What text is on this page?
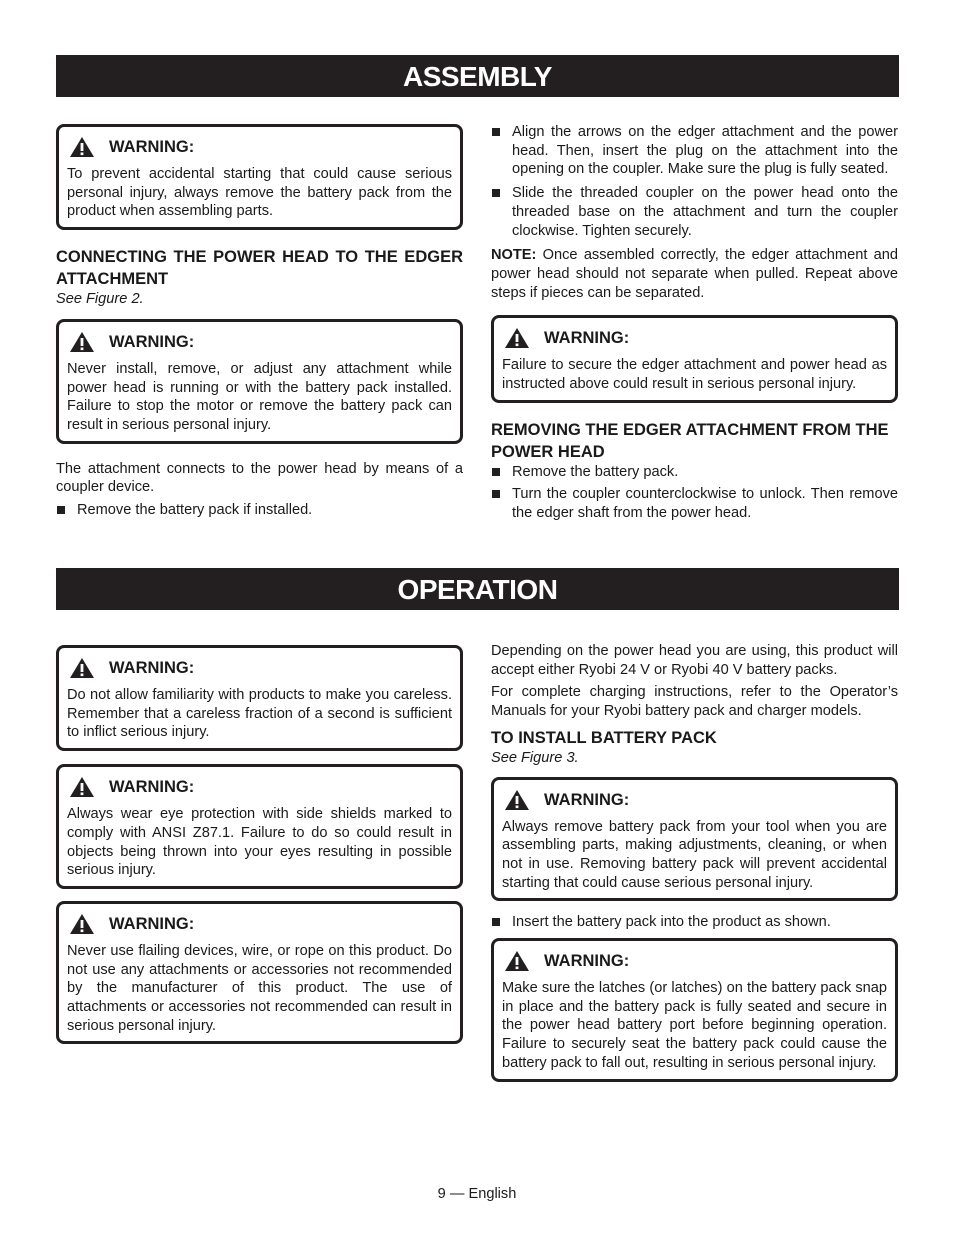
ASSEMBLY
WARNING:

To prevent accidental starting that could cause serious personal injury, always remove the battery pack from the product when assembling parts.

CONNECTING THE POWER HEAD TO THE EDGER ATTACHMENT
See Figure 2.
WARNING:

Never install, remove, or adjust any attachment while power head is running or with the battery pack installed. Failure to stop the motor or remove the battery pack can result in serious personal injury.

The attachment connects to the power head by means of a coupler device.

Remove the battery pack if installed.
Align the arrows on the edger attachment and the power head. Then, insert the plug on the attachment into the opening on the coupler. Make sure the plug is fully seated.
Slide the threaded coupler on the power head onto the threaded base on the attachment and turn the coupler clockwise. Tighten securely.

NOTE: Once assembled correctly, the edger attachment and power head should not separate when pulled. Repeat above steps if pieces can be separated.

WARNING:

Failure to secure the edger attachment and power head as instructed above could result in serious personal injury.

REMOVING THE EDGER ATTACHMENT FROM THE POWER HEAD
Remove the battery pack.
Turn the coupler counterclockwise to unlock. Then remove the edger shaft from the power head.
OPERATION
WARNING:

Do not allow familiarity with products to make you careless. Remember that a careless fraction of a second is sufficient to inflict serious injury.

WARNING:

Always wear eye protection with side shields marked to comply with ANSI Z87.1. Failure to do so could result in objects being thrown into your eyes resulting in possible serious injury.

WARNING:

Never use flailing devices, wire, or rope on this product. Do not use any attachments or accessories not recommended by the manufacturer of this product. The use of attachments or accessories not recommended can result in serious personal injury.

Depending on the power head you are using, this product will accept either Ryobi 24 V or Ryobi 40 V battery packs.

For complete charging instructions, refer to the Operator’s Manuals for your Ryobi battery pack and charger models.

TO INSTALL BATTERY PACK
See Figure 3.
WARNING:

Always remove battery pack from your tool when you are assembling parts, making adjustments, cleaning, or when not in use. Removing battery pack will prevent accidental starting that could cause serious personal injury.

Insert the battery pack into the product as shown.
WARNING:

Make sure the latches (or latches) on the battery pack snap in place and the battery pack is fully seated and secure in the power head battery port before beginning operation. Failure to securely seat the battery pack could cause the battery pack to fall out, resulting in serious personal injury.

9 — English
